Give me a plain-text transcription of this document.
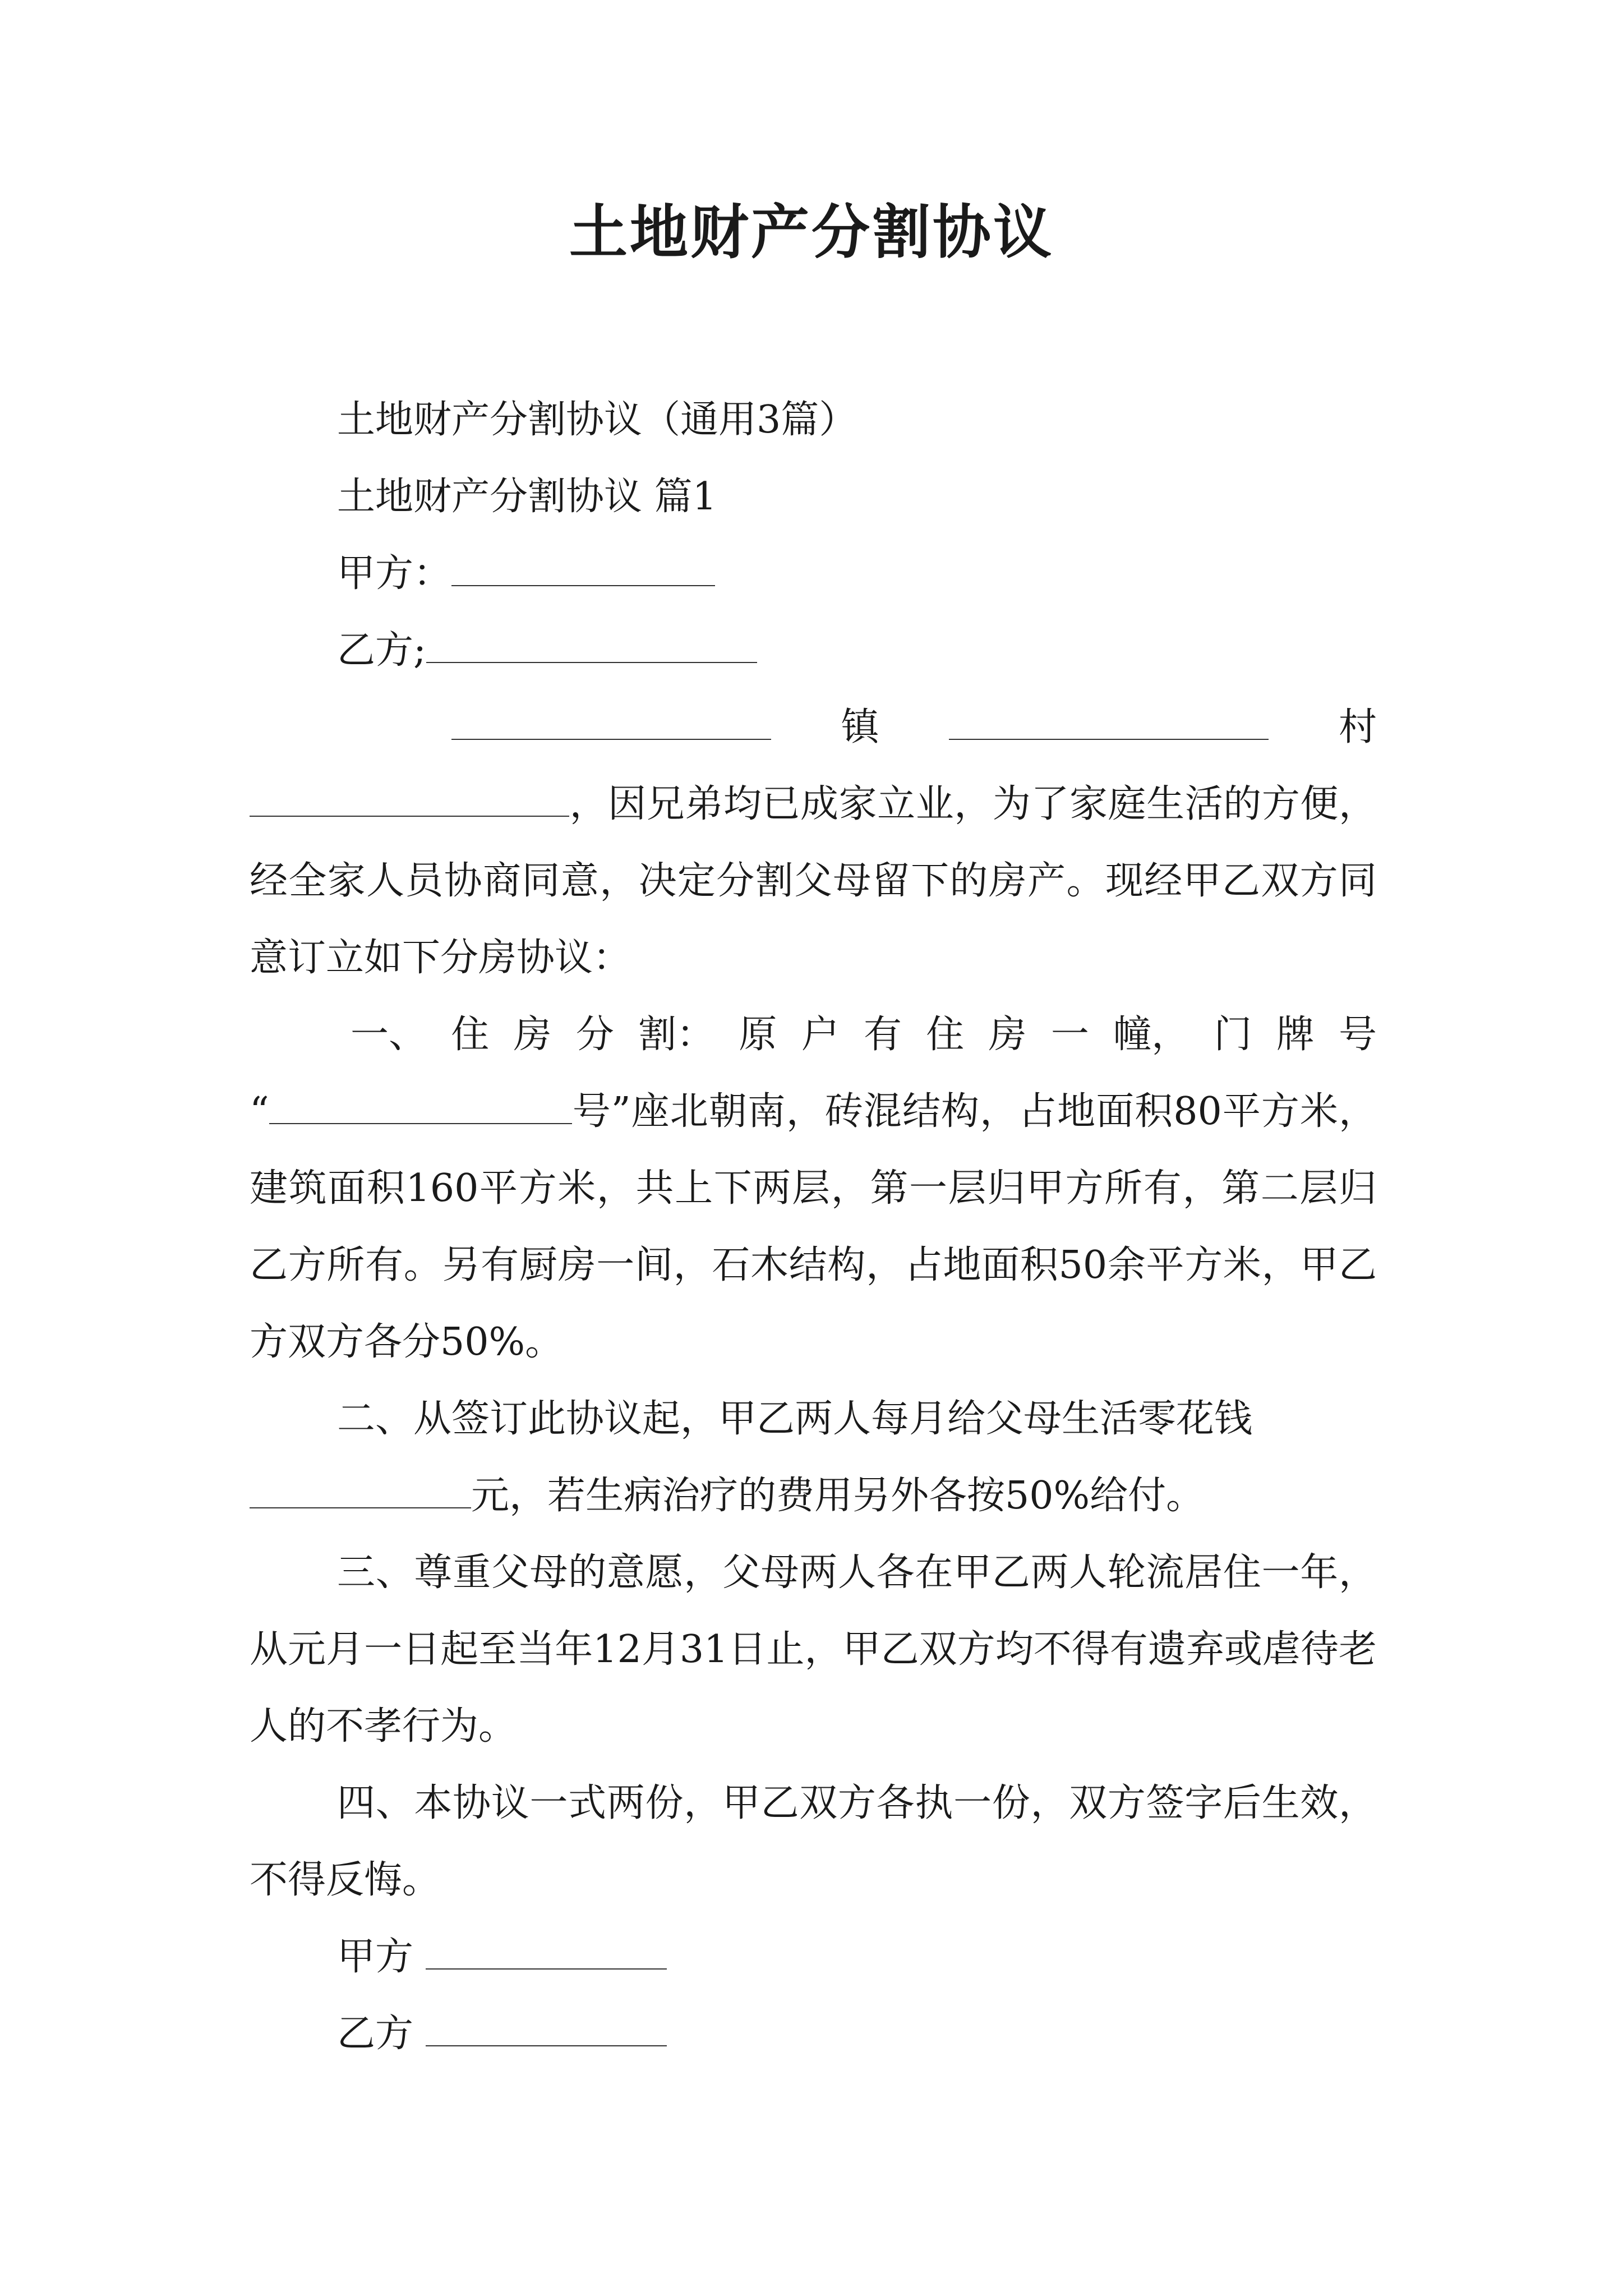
土地财产分割协议

土地财产分割协议（通用3篇）

土地财产分割协议 篇1

甲方：

乙方;

镇	村

，因兄弟均已成家立业，为了家庭生活的方便，经全家人员协商同意，决定分割父母留下的房产。现经甲乙双方同意订立如下分房协议：

一、 住 房 分 割： 原 户 有 住 房 一 幢， 门 牌 号

“	号”座北朝南，砖混结构，占地面积80平方米，建筑面积160平方米，共上下两层，第一层归甲方所有，第二层归乙方所有。另有厨房一间，石木结构，占地面积50余平方米，甲乙方双方各分50%。

二、从签订此协议起，甲乙两人每月给父母生活零花钱

元，若生病治疗的费用另外各按50%给付。

三、尊重父母的意愿，父母两人各在甲乙两人轮流居住一年，从元月一日起至当年12月31日止，甲乙双方均不得有遗弃或虐待老人的不孝行为。

四、本协议一式两份，甲乙双方各执一份，双方签字后生效，不得反悔。

甲方

乙方
